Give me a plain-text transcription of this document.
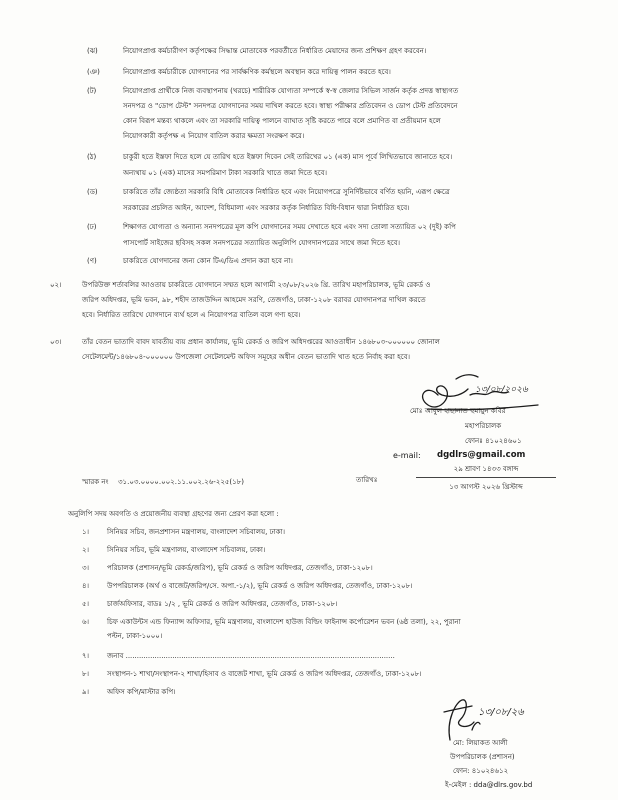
(ঝ)	নিয়োগপ্রাপ্ত কর্মচারীগণ কর্তৃপক্ষের সিদ্ধান্ত মোতাবেক পরবর্তীতে নির্ধারিত মেয়াদের জন্য প্রশিক্ষণ গ্রহণ করবেন।
(ঞ)	নিয়োগপ্রাপ্ত কর্মচারীকে যোগদানের পর সার্বক্ষণিক কর্মস্থলে অবস্থান করে দায়িত্ব পালন করতে হবে।
(ট)	নিয়োগপ্রাপ্ত প্রার্থীকে নিজ ব্যবস্থাপনায় (খরচে) শারীরিক যোগ্যতা সম্পর্কে স্ব-স্ব জেলার সিভিল সার্জন কর্তৃক প্রদত্ত স্বাস্থ্যগত
সনদপত্র ও "ডোপ টেস্ট" সনদপত্র যোগদানের সময় দাখিল করতে হবে। স্বাস্থ্য পরীক্ষার প্রতিবেদন ও ডোপ টেস্ট প্রতিবেদনে
কোন বিরূপ মন্তব্য থাকলে এবং তা সরকারি দায়িত্ব পালনে ব্যাঘাত সৃষ্টি করতে পারে বলে প্রমাণিত বা প্রতীয়মান হলে
নিয়োগকারী কর্তৃপক্ষ এ নিয়োগ বাতিল করার ক্ষমতা সংরক্ষণ করে।
(ঠ)	চাকুরী হতে ইস্তফা দিতে হলে যে তারিখ হতে ইস্তফা দিবেন সেই তারিখের ০১ (এক) মাস পূর্বে লিখিতভাবে জানাতে হবে।
অন্যথায় ০১ (এক) মাসের সমপরিমাণ টাকা সরকারি খাতে জমা দিতে হবে।
(ড)	চাকরিতে তাঁর জ্যেষ্ঠতা সরকারি বিধি মোতাবেক নির্ধারিত হবে এবং নিয়োগপত্রে সুনির্দিষ্টভাবে বর্ণিত হয়নি, এরূপ ক্ষেত্রে
সরকারের প্রচলিত আইন, আদেশ, বিধিমালা এবং সরকার কর্তৃক নির্ধারিত বিধি-বিধান দ্বারা নির্ধারিত হবে।
(ঢ)	শিক্ষাগত যোগ্যতা ও অন্যান্য সনদপত্রের মূল কপি যোগদানের সময় দেখাতে হবে এবং সদ্য তোলা সত্যায়িত ০২ (দুই) কপি
পাসপোর্ট সাইজের ছবিসহ সকল সনদপত্রের সত্যায়িত অনুলিপি যোগদানপত্রের সাথে জমা দিতে হবে।
(ণ)	চাকরিতে যোগদানের জন্য কোন টিএ/ডিএ প্রদান করা হবে না।
০২।	উপরিউক্ত শর্তাবলির আওতায় চাকরিতে যোগদানে সম্মত হলে আগামী ২৩/০৮/২০২৬ খ্রি. তারিখ মহাপরিচালক, ভূমি রেকর্ড ও
জরিপ অধিদপ্তর, ভূমি ভবন, ৯৮, শহীদ তাজউদ্দিন আহমেদ সরণি, তেজগাঁও, ঢাকা-১২০৮ বরাবর যোগদানপত্র দাখিল করতে
হবে। নির্ধারিত তারিখে যোগদানে ব্যর্থ হলে এ নিয়োগপত্র বাতিল বলে গণ্য হবে।
০৩।	তাঁর বেতন ভাতাদি বাবদ যাবতীয় ব্যয় প্রধান কার্যালয়, ভূমি রেকর্ড ও জরিপ অধিদপ্তরের আওতাধীন ১৪৬৮০৩-০০০০০০ জোনাল
সেটেলমেন্ট/১৪৬৮০৪-০০০০০০ উপজেলা সেটেলমেন্ট অফিস সমূহের অধীন বেতন ভাতাদি খাত হতে নির্বাহ করা হবে।
১৩/০৮/২০২৬
মোঃ আবুল হাছানাত হুমায়ুন কবির
মহাপরিচালক
ফোনঃ ৪১০২৪৬০১
e-mail: dgdlrs@gmail.com
স্মারক নং ৩১.০৩.০০০০.০০২.১১.০০২.২৬-২২৫(১৮)	তারিখঃ
২৯ শ্রাবণ ১৪৩৩ বঙ্গাব্দ
১৩ আগস্ট ২০২৬ খ্রিস্টাব্দ
অনুলিপি সদয় অবগতি ও প্রয়োজনীয় ব্যবস্থা গ্রহণের জন্য প্রেরণ করা হলো :
১।	সিনিয়র সচিব, জনপ্রশাসন মন্ত্রণালয়, বাংলাদেশ সচিবালয়, ঢাকা।
২।	সিনিয়র সচিব, ভূমি মন্ত্রণালয়, বাংলাদেশ সচিবালয়, ঢাকা।
৩।	পরিচালক (প্রশাসন/ভূমি রেকর্ড/জরিপ), ভূমি রেকর্ড ও জরিপ অধিদপ্তর, তেজগাঁও, ঢাকা-১২০৮।
৪।	উপপরিচালক (অর্থ ও বাজেট/জরিপ/সে. অপা.-১/২), ভূমি রেকর্ড ও জরিপ অধিদপ্তর, তেজগাঁও, ঢাকা-১২০৮।
৫।	চার্জঅফিসার, বাডঃ ১/২ , ভূমি রেকর্ড ও জরিপ অধিদপ্তর, তেজগাঁও, ঢাকা-১২০৮।
৬।	চিফ একাউন্টস এন্ড ফিন্যান্স অফিসার, ভূমি মন্ত্রণালয়, বাংলাদেশ হাউজ বিল্ডিং ফাইনান্স কর্পোরেশন ভবন (৬ষ্ঠ তলা), ২২, পুরানা
পল্টন, ঢাকা-১০০০।
৭।	জনাব .........................................................................................................................
৮।	সংস্থাপন-১ শাখা/সংস্থাপন-২ শাখা/হিসাব ও বাজেট শাখা, ভূমি রেকর্ড ও জরিপ অধিদপ্তর, তেজগাঁও, ঢাকা-১২০৮।
৯।	অফিস কপি/মাস্টার কপি।
১৩/০৮/২৬
মো: লিয়াকত আলী
উপপরিচালক (প্রশাসন)
ফোন: ৪১০২৪৬১২
ই-মেইল : dda@dlrs.gov.bd
